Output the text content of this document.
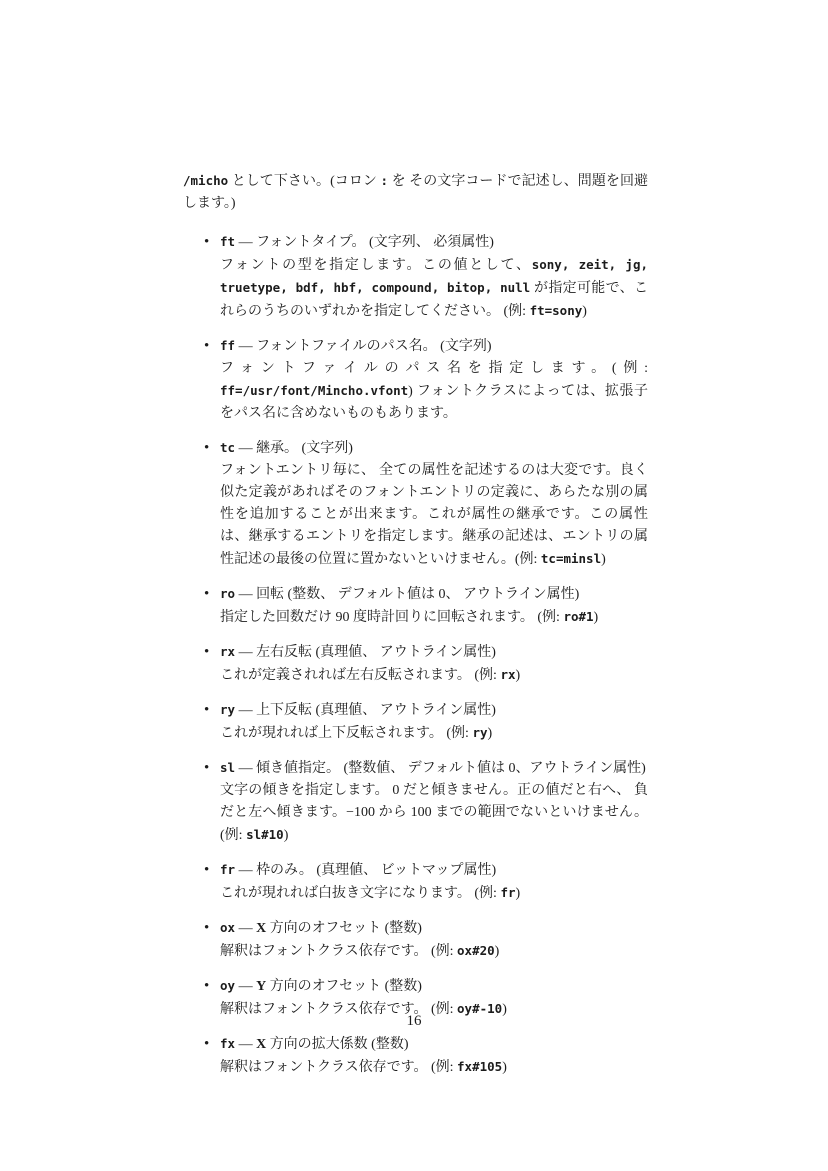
/micho として下さい。(コロン : を その文字コードで記述し、問題を回避します。)

• ft — フォントタイプ。 (文字列、 必須属性)
フォントの型を指定します。この値として、sony, zeit, jg, truetype, bdf, hbf, compound, bitop, null が指定可能で、これらのうちのいずれかを指定してください。 (例: ft=sony)
• ff — フォントファイルのパス名。 (文字列)
フォントファイルのパス名を指定します。(例: ff=/usr/font/Mincho.vfont) フォントクラスによっては、拡張子をパス名に含めないものもあります。
• tc — 継承。 (文字列)
フォントエントリ毎に、 全ての属性を記述するのは大変です。良く似た定義があればそのフォントエントリの定義に、あらたな別の属性を追加することが出来ます。これが属性の継承です。この属性は、継承するエントリを指定します。継承の記述は、エントリの属性記述の最後の位置に置かないといけません。(例: tc=minsl)
• ro — 回転 (整数、 デフォルト値は 0、 アウトライン属性)
指定した回数だけ 90 度時計回りに回転されます。 (例: ro#1)
• rx — 左右反転 (真理値、 アウトライン属性)
これが定義されれば左右反転されます。 (例: rx)
• ry — 上下反転 (真理値、 アウトライン属性)
これが現れれば上下反転されます。 (例: ry)
• sl — 傾き値指定。 (整数値、 デフォルト値は 0、アウトライン属性)
文字の傾きを指定します。 0 だと傾きません。正の値だと右へ、 負だと左へ傾きます。−100 から 100 までの範囲でないといけません。 (例: sl#10)
• fr — 枠のみ。 (真理値、 ビットマップ属性)
これが現れれば白抜き文字になります。 (例: fr)
• ox — X 方向のオフセット (整数)
解釈はフォントクラス依存です。 (例: ox#20)
• oy — Y 方向のオフセット (整数)
解釈はフォントクラス依存です。 (例: oy#-10)
• fx — X 方向の拡大係数 (整数)
解釈はフォントクラス依存です。 (例: fx#105)
16
